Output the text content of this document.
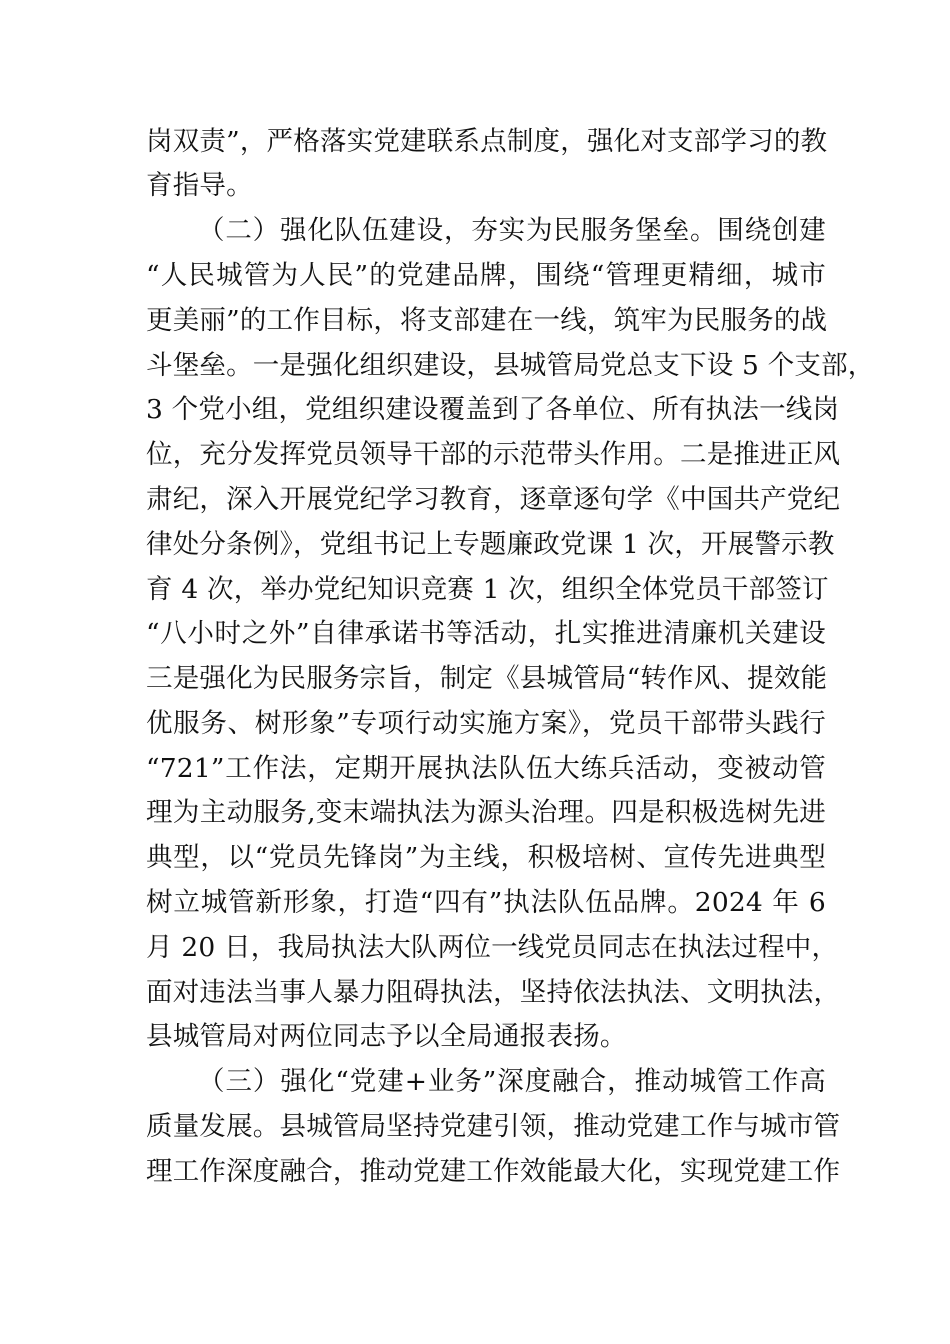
岗双责”，严格落实党建联系点制度，强化对支部学习的教
育指导。
（二）强化队伍建设，夯实为民服务堡垒。围绕创建
“人民城管为人民”的党建品牌，围绕“管理更精细，城市
更美丽”的工作目标，将支部建在一线，筑牢为民服务的战
斗堡垒。一是强化组织建设，县城管局党总支下设 5 个支部，
3 个党小组，党组织建设覆盖到了各单位、所有执法一线岗
位，充分发挥党员领导干部的示范带头作用。二是推进正风
肃纪，深入开展党纪学习教育，逐章逐句学《中国共产党纪
律处分条例》，党组书记上专题廉政党课 1 次，开展警示教
育 4 次，举办党纪知识竞赛 1 次，组织全体党员干部签订
“八小时之外”自律承诺书等活动，扎实推进清廉机关建设
三是强化为民服务宗旨，制定《县城管局“转作风、提效能
优服务、树形象”专项行动实施方案》，党员干部带头践行
“721”工作法，定期开展执法队伍大练兵活动，变被动管
理为主动服务,变末端执法为源头治理。四是积极选树先进
典型，以“党员先锋岗”为主线，积极培树、宣传先进典型
树立城管新形象，打造“四有”执法队伍品牌。2024 年 6
月 20 日，我局执法大队两位一线党员同志在执法过程中，
面对违法当事人暴力阻碍执法，坚持依法执法、文明执法，
县城管局对两位同志予以全局通报表扬。
（三）强化“党建+业务”深度融合，推动城管工作高
质量发展。县城管局坚持党建引领，推动党建工作与城市管
理工作深度融合，推动党建工作效能最大化，实现党建工作
